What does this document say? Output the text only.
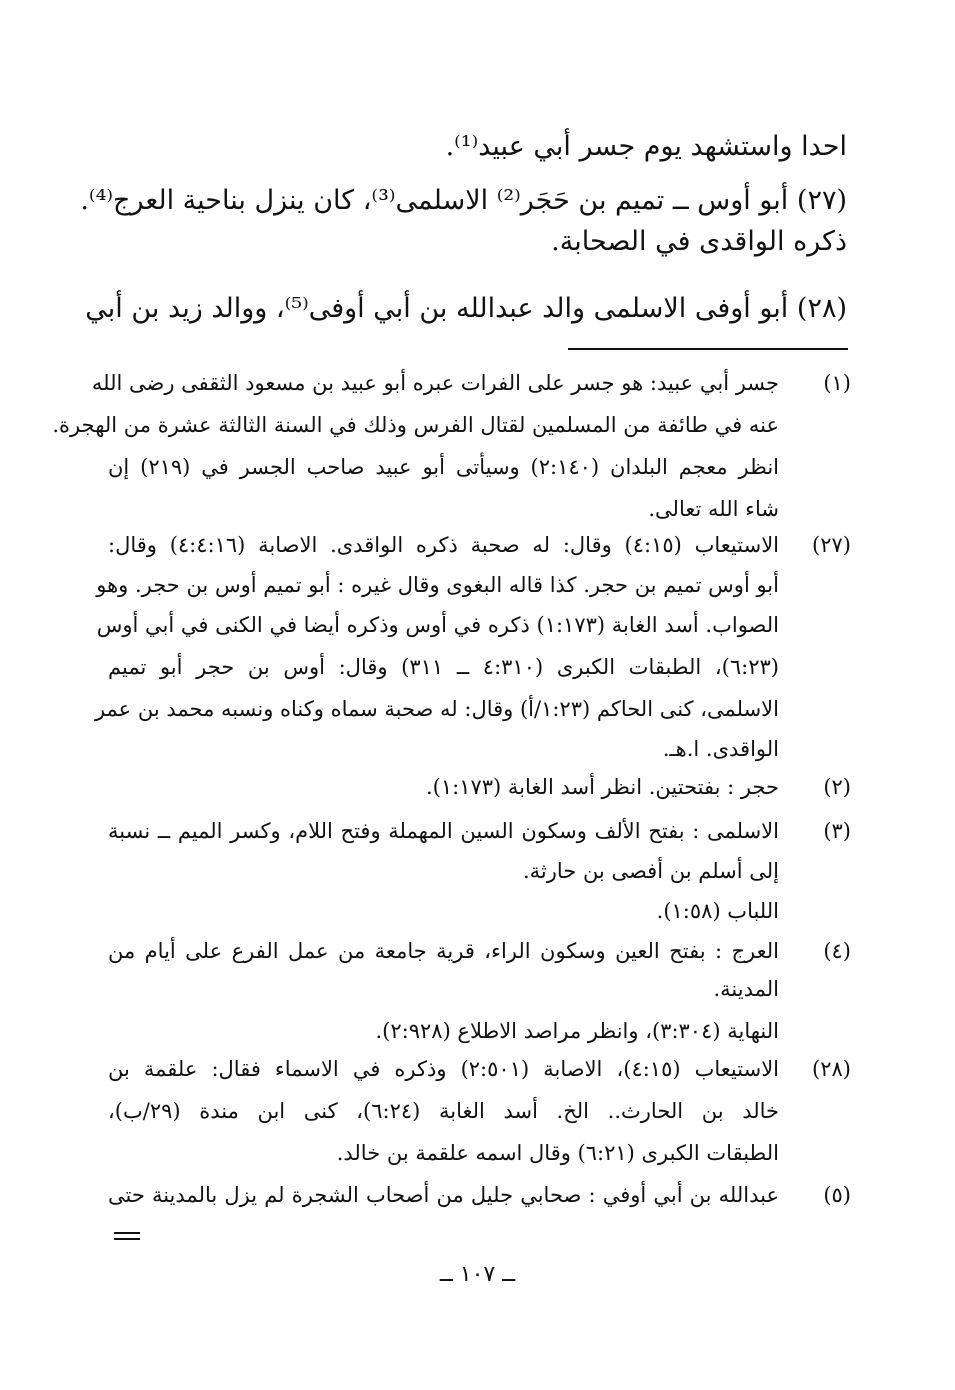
احدا واستشهد يوم جسر أبي عبيد⁽¹⁾.
(٢٧) أبو أوس ــ تميم بن حَجَر⁽²⁾ الاسلمى⁽³⁾، كان ينزل بناحية العرج⁽⁴⁾.
ذكره الواقدى في الصحابة.
(٢٨) أبو أوفى الاسلمى والد عبدالله بن أبي أوفى⁽⁵⁾، ووالد زيد بن أبي
(١)
جسر أبي عبيد: هو جسر على الفرات عبره أبو عبيد بن مسعود الثقفى رضى الله
عنه في طائفة من المسلمين لقتال الفرس وذلك في السنة الثالثة عشرة من الهجرة.
انظر معجم البلدان (٢:١٤٠) وسيأتى أبو عبيد صاحب الجسر في (٢١٩) إن
شاء الله تعالى.
(٢٧)
الاستيعاب (٤:١٥) وقال: له صحبة ذكره الواقدى. الاصابة (٤:٤:١٦) وقال:
أبو أوس تميم بن حجر. كذا قاله البغوى وقال غيره : أبو تميم أوس بن حجر. وهو
الصواب. أسد الغابة (١:١٧٣) ذكره في أوس وذكره أيضا في الكنى في أبي أوس
(٦:٢٣)، الطبقات الكبرى (٤:٣١٠ ــ ٣١١) وقال: أوس بن حجر أبو تميم
الاسلمى، كنى الحاكم (١:٢٣/أ) وقال: له صحبة سماه وكناه ونسبه محمد بن عمر
الواقدى. ا.هـ.
(٢)
حجر : بفتحتين. انظر أسد الغابة (١:١٧٣).
(٣)
الاسلمى : بفتح الألف وسكون السين المهملة وفتح اللام، وكسر الميم ــ نسبة
إلى أسلم بن أفصى بن حارثة.
اللباب (١:٥٨).
(٤)
العرج : بفتح العين وسكون الراء، قرية جامعة من عمل الفرع على أيام من
المدينة.
النهاية (٣:٣٠٤)، وانظر مراصد الاطلاع (٢:٩٢٨).
(٢٨)
الاستيعاب (٤:١٥)، الاصابة (٢:٥٠١) وذكره في الاسماء فقال: علقمة بن
خالد بن الحارث.. الخ. أسد الغابة (٦:٢٤)، كنى ابن مندة (٢٩/ب)،
الطبقات الكبرى (٦:٢١) وقال اسمه علقمة بن خالد.
(٥)
عبدالله بن أبي أوفي : صحابي جليل من أصحاب الشجرة لم يزل بالمدينة حتى
ــ ١٠٧ ــ
